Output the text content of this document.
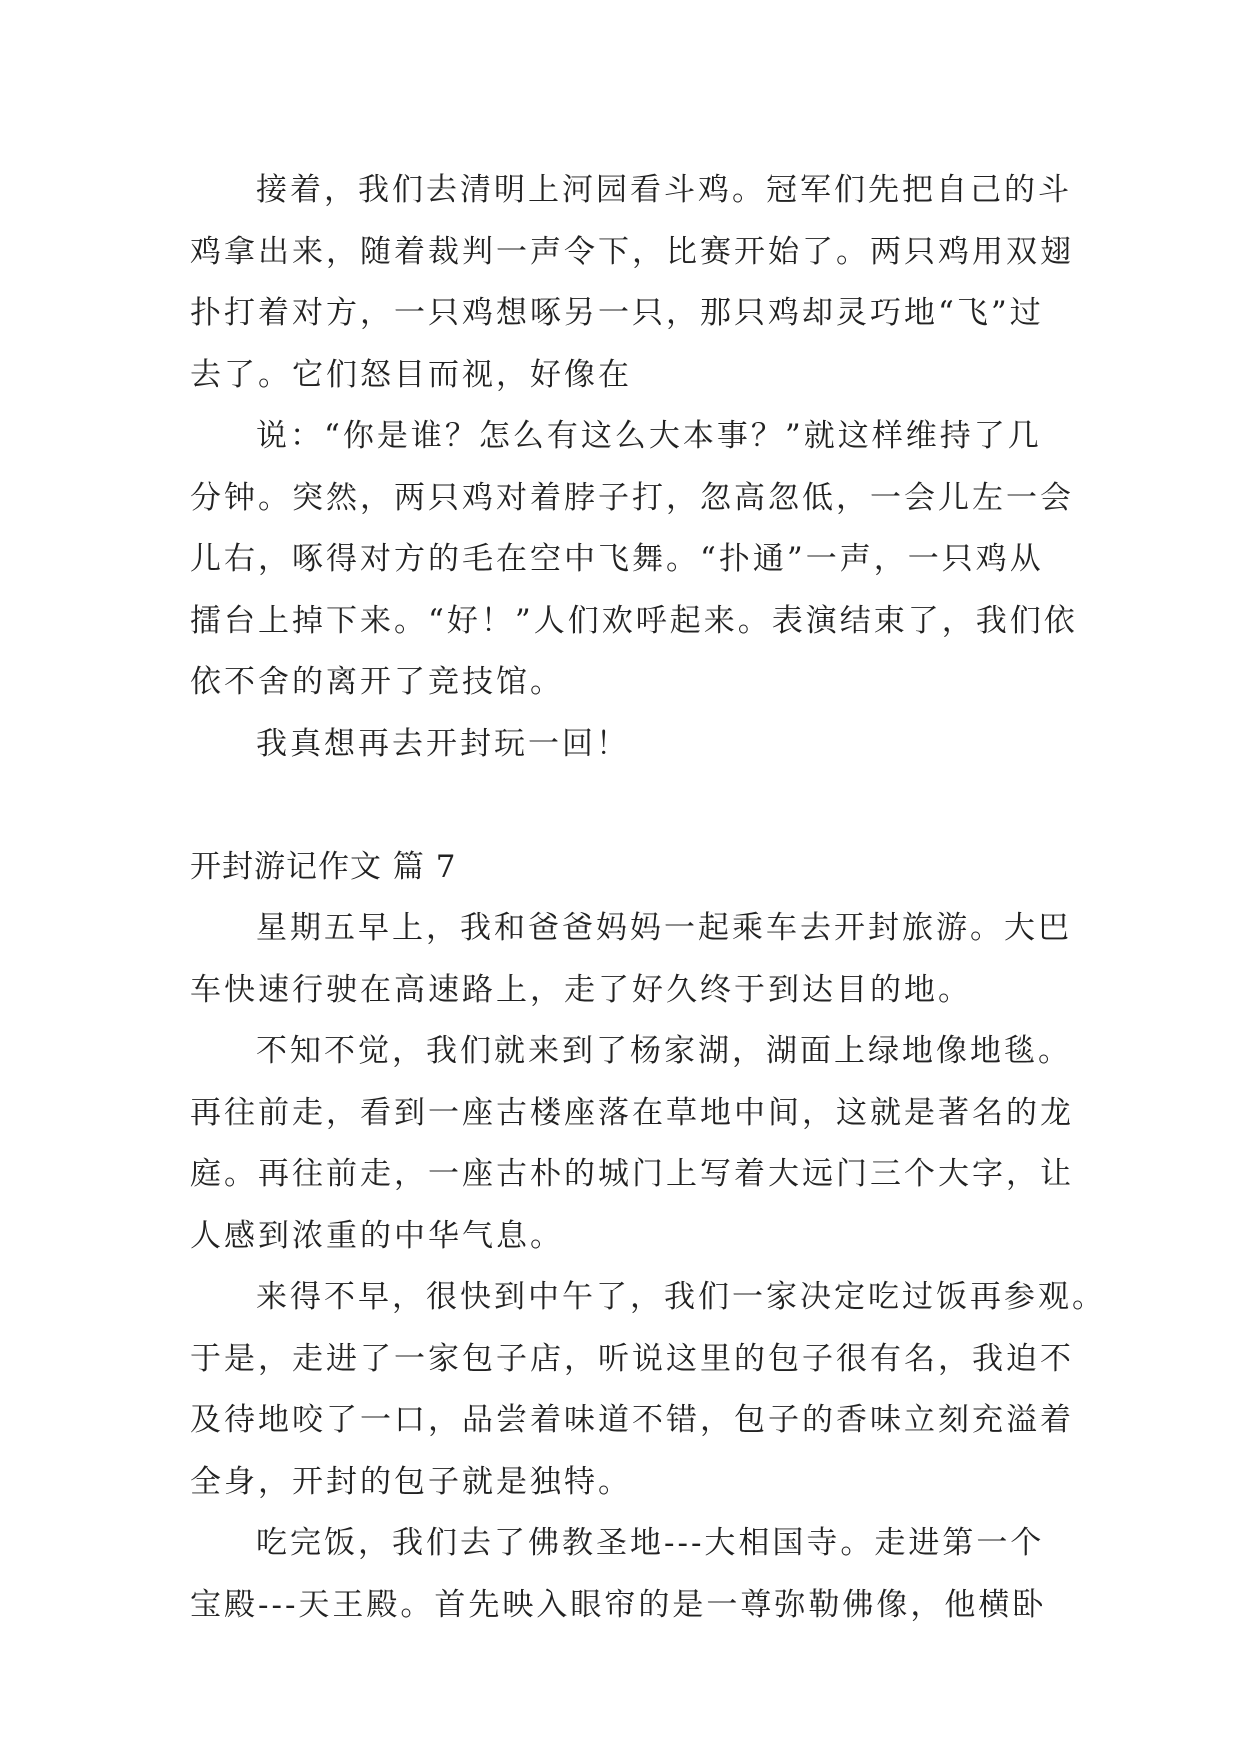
接着，我们去清明上河园看斗鸡。冠军们先把自己的斗
鸡拿出来，随着裁判一声令下，比赛开始了。两只鸡用双翅
扑打着对方，一只鸡想啄另一只，那只鸡却灵巧地“飞”过
去了。它们怒目而视，好像在
说：“你是谁？怎么有这么大本事？”就这样维持了几
分钟。突然，两只鸡对着脖子打，忽高忽低，一会儿左一会
儿右，啄得对方的毛在空中飞舞。“扑通”一声，一只鸡从
擂台上掉下来。“好！”人们欢呼起来。表演结束了，我们依
依不舍的离开了竞技馆。
我真想再去开封玩一回！
开封游记作文 篇 7
星期五早上，我和爸爸妈妈一起乘车去开封旅游。大巴
车快速行驶在高速路上，走了好久终于到达目的地。
不知不觉，我们就来到了杨家湖，湖面上绿地像地毯。
再往前走，看到一座古楼座落在草地中间，这就是著名的龙
庭。再往前走，一座古朴的城门上写着大远门三个大字，让
人感到浓重的中华气息。
来得不早，很快到中午了，我们一家决定吃过饭再参观。
于是，走进了一家包子店，听说这里的包子很有名，我迫不
及待地咬了一口，品尝着味道不错，包子的香味立刻充溢着
全身，开封的包子就是独特。
吃完饭，我们去了佛教圣地---大相国寺。走进第一个
宝殿---天王殿。首先映入眼帘的是一尊弥勒佛像，他横卧
